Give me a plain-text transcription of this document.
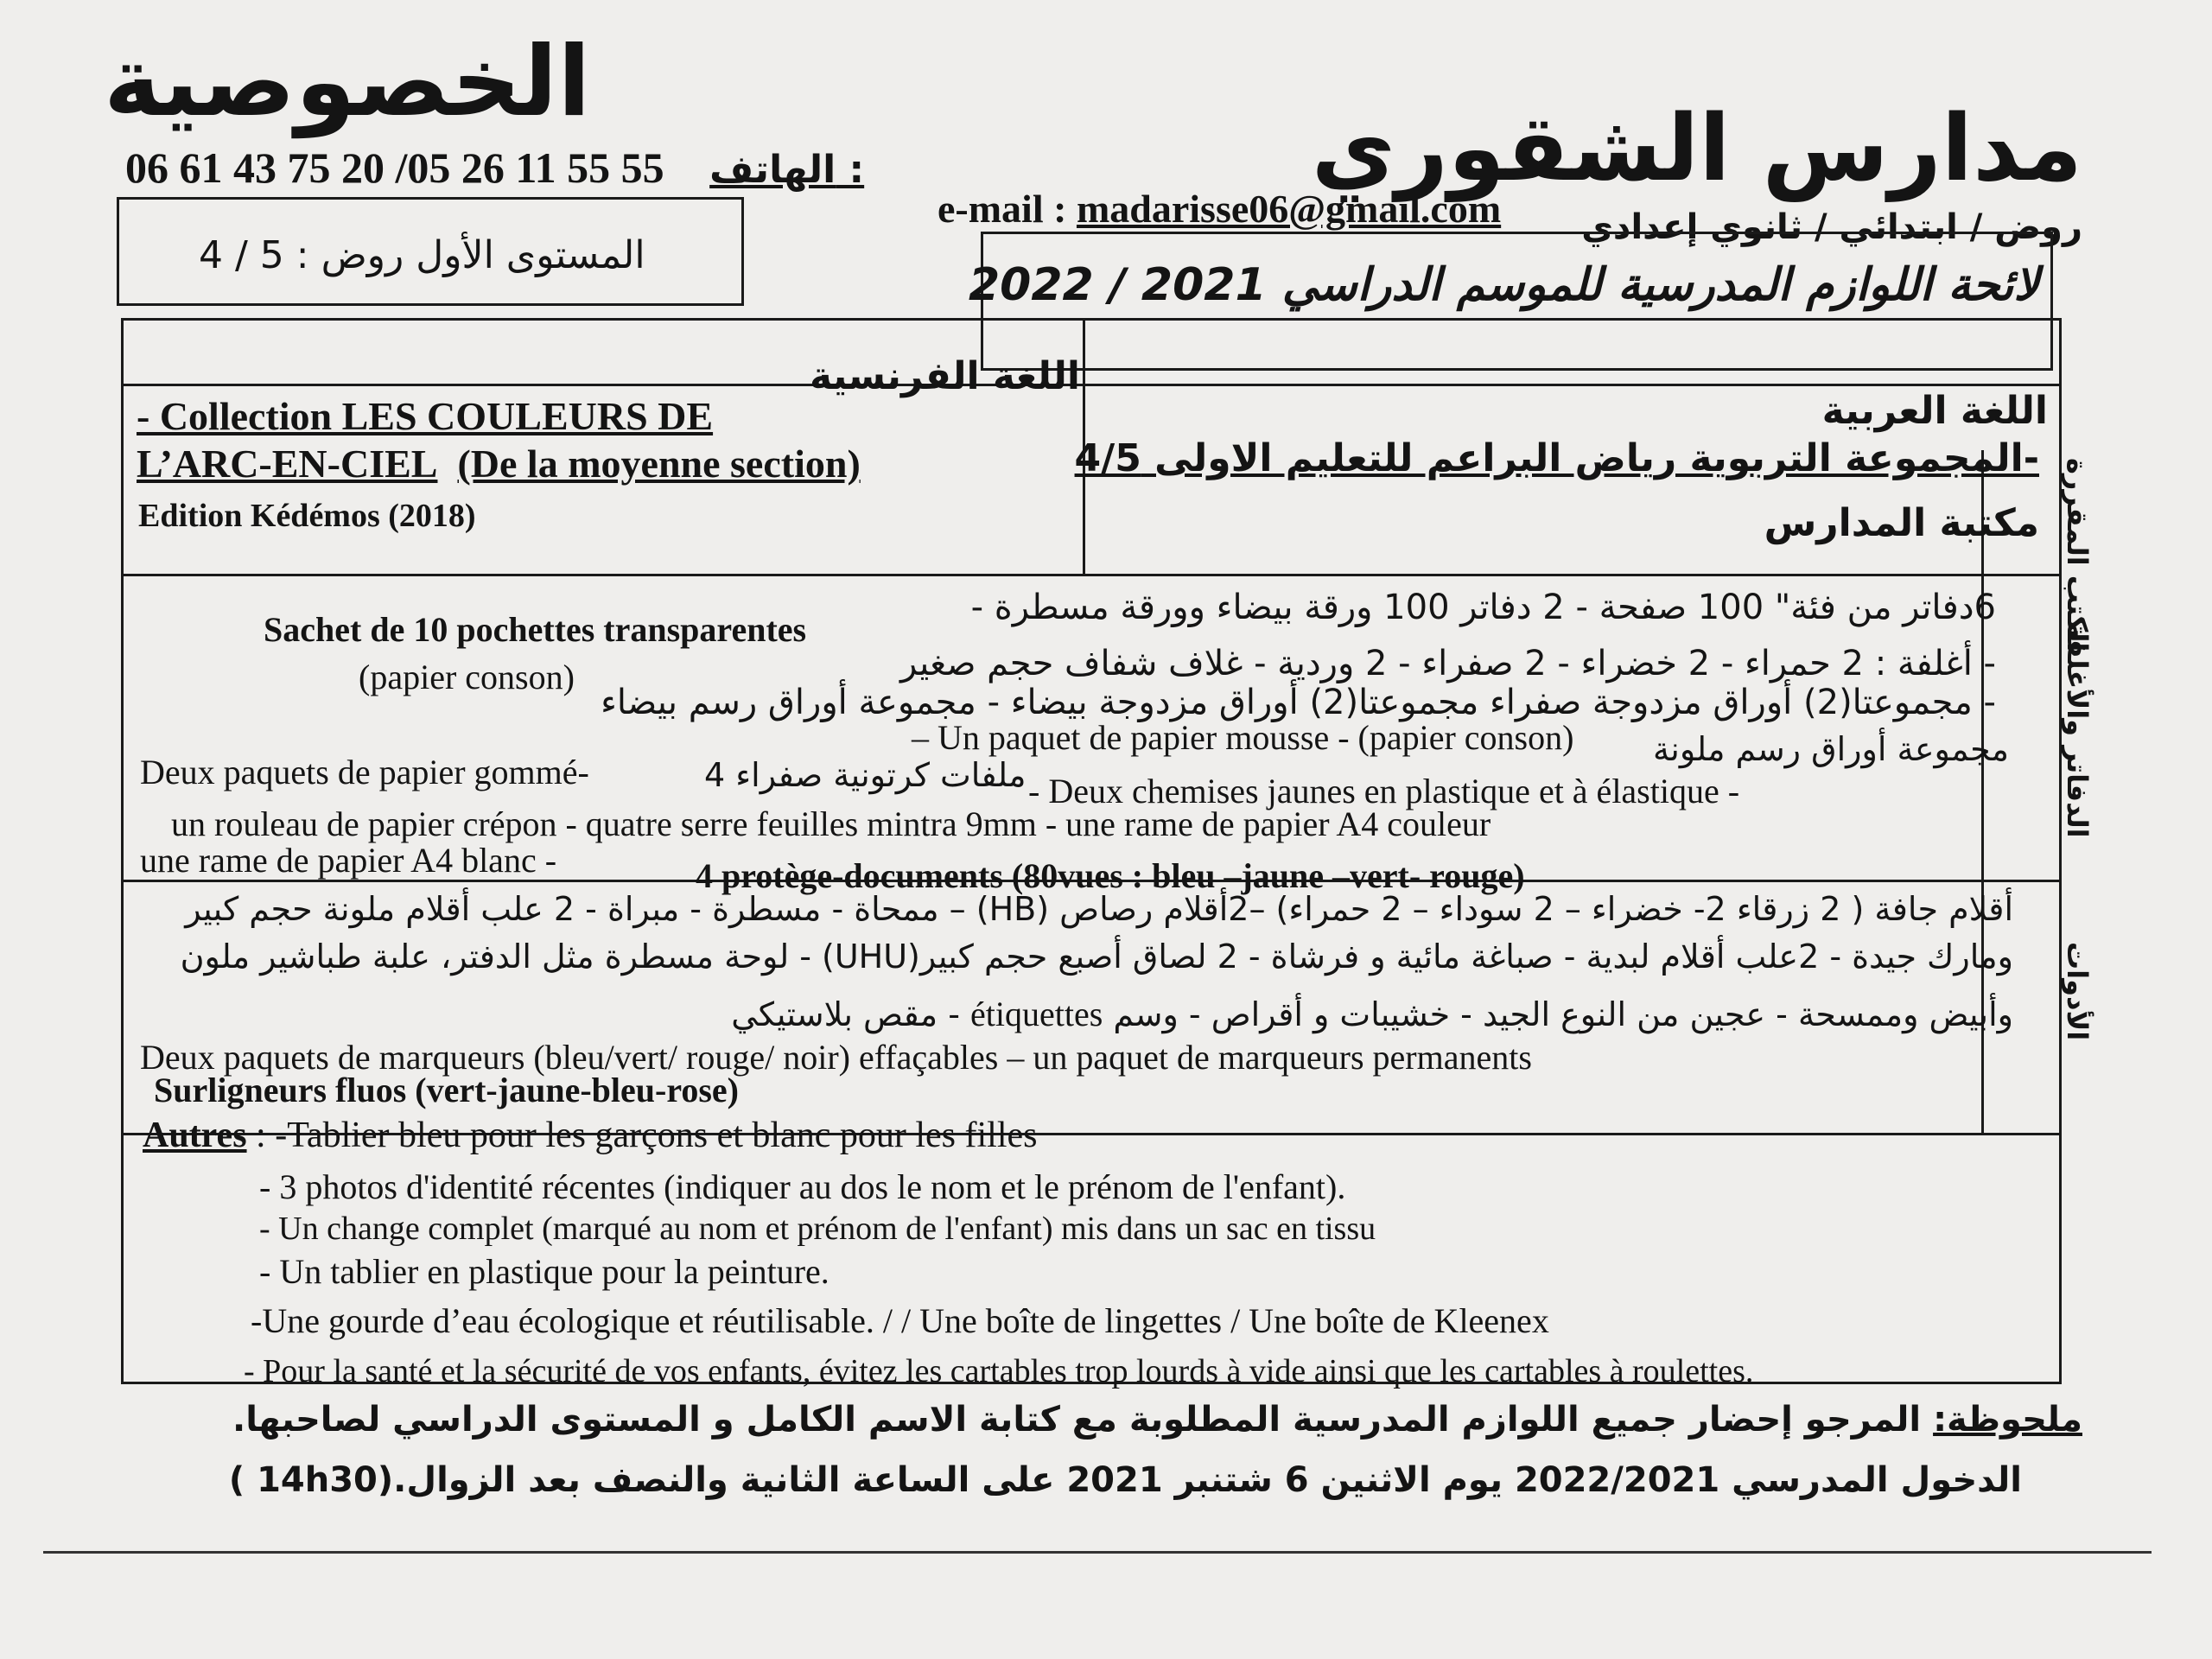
الخصوصية
مدارس الشقوري
06 61 43 75 20 /05 26 11 55 55 الهاتف :
e-mail : madarisse06@gmail.com روض / ابتدائي / ثانوي إعدادي
المستوى الأول روض : 5 / 4
لائحة اللوازم المدرسية للموسم الدراسي 2021 / 2022
اللغة الفرنسية
اللغة العربية
- Collection LES COULEURS DE
L’ARC-EN-CIEL (De la moyenne section)
Edition Kédémos (2018)
-المجموعة التربوية رياض البراعم للتعليم الاولى 4/5
مكتبة المدارس الكتب المقررة
6دفاتر من فئة" 100 صفحة - 2 دفاتر 100 ورقة بيضاء وورقة مسطرة -
Sachet de 10 pochettes transparentes
- أغلفة : 2 حمراء - 2 خضراء - 2 صفراء - 2 وردية - غلاف شفاف حجم صغير
(papier conson)
- مجموعتا(2) أوراق مزدوجة صفراء مجموعتا(2) أوراق مزدوجة بيضاء - مجموعة أوراق رسم بيضاء
مجموعة أوراق رسم ملونة
– Un paquet de papier mousse - (papier conson)
Deux paquets de papier gommé-	4 ملفات كرتونية صفراء - Deux chemises jaunes en plastique et à élastique -
un rouleau de papier crépon - quatre serre feuilles mintra 9mm - une rame de papier A4 couleur
une rame de papier A4 blanc -	4 protège-documents (80vues : bleu –jaune –vert- rouge)
الدفاتر والأغلفة
أقلام جافة ( 2 زرقاء 2- خضراء – 2 سوداء – 2 حمراء) –2أقلام رصاص (HB) – ممحاة - مسطرة - مبراة - 2 علب أقلام ملونة حجم كبير
ومارك جيدة - 2علب أقلام لبدية - صباغة مائية و فرشاة - 2 لصاق أصبع حجم كبير(UHU) - لوحة مسطرة مثل الدفتر، علبة طباشير ملون
وأبيض وممسحة - عجين من النوع الجيد - خشيبات و أقراص - وسم étiquettes - مقص بلاستيكي
Deux paquets de marqueurs (bleu/vert/ rouge/ noir) effaçables – un paquet de marqueurs permanents
Surligneurs fluos (vert-jaune-bleu-rose)
الأدوات
Autres : -Tablier bleu pour les garçons et blanc pour les filles
- 3 photos d'identité récentes (indiquer au dos le nom et le prénom de l'enfant).
- Un change complet (marqué au nom et prénom de l'enfant) mis dans un sac en tissu
- Un tablier en plastique pour la peinture.
-Une gourde d’eau écologique et réutilisable. / / Une boîte de lingettes / Une boîte de Kleenex
- Pour la santé et la sécurité de vos enfants, évitez les cartables trop lourds à vide ainsi que les cartables à roulettes.
ملحوظة: المرجو إحضار جميع اللوازم المدرسية المطلوبة مع كتابة الاسم الكامل و المستوى الدراسي لصاحبها.
الدخول المدرسي 2022/2021 يوم الاثنين 6 شتنبر 2021 على الساعة الثانية والنصف بعد الزوال.(14h30 )
